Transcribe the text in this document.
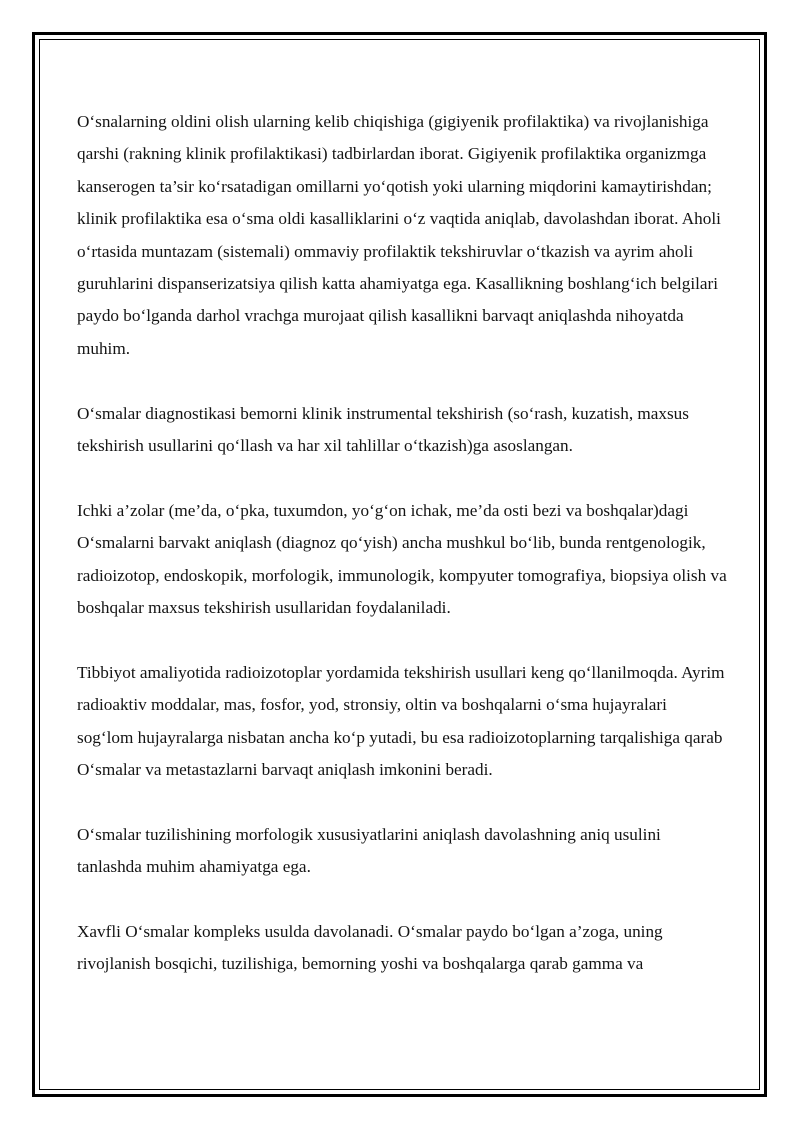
O‘snalarning oldini olish ularning kelib chiqishiga (gigiyenik profilaktika) va rivojlanishiga qarshi (rakning klinik profilaktikasi) tadbirlardan iborat. Gigiyenik profilaktika organizmga kanserogen ta’sir ko‘rsatadigan omillarni yo‘qotish yoki ularning miqdorini kamaytirishdan; klinik profilaktika esa o‘sma oldi kasalliklarini o‘z vaqtida aniqlab, davolashdan iborat. Aholi o‘rtasida muntazam (sistemali) ommaviy profilaktik tekshiruvlar o‘tkazish va ayrim aholi guruhlarini dispanserizatsiya qilish katta ahamiyatga ega. Kasallikning boshlang‘ich belgilari paydo bo‘lganda darhol vrachga murojaat qilish kasallikni barvaqt aniqlashda nihoyatda muhim.

O‘smalar diagnostikasi bemorni klinik instrumental tekshirish (so‘rash, kuzatish, maxsus tekshirish usullarini qo‘llash va har xil tahlillar o‘tkazish)ga asoslangan.

Ichki a’zolar (me’da, o‘pka, tuxumdon, yo‘g‘on ichak, me’da osti bezi va boshqalar)dagi O‘smalarni barvakt aniqlash (diagnoz qo‘yish) ancha mushkul bo‘lib, bunda rentgenologik, radioizotop, endoskopik, morfologik, immunologik, kompyuter tomografiya, biopsiya olish va boshqalar maxsus tekshirish usullaridan foydalaniladi.

Tibbiyot amaliyotida radioizotoplar yordamida tekshirish usullari keng qo‘llanilmoqda. Ayrim radioaktiv moddalar, mas, fosfor, yod, stronsiy, oltin va boshqalarni o‘sma hujayralari sog‘lom hujayralarga nisbatan ancha ko‘p yutadi, bu esa radioizotoplarning tarqalishiga qarab O‘smalar va metastazlarni barvaqt aniqlash imkonini beradi.

O‘smalar tuzilishining morfologik xususiyatlarini aniqlash davolashning aniq usulini tanlashda muhim ahamiyatga ega.

Xavfli O‘smalar kompleks usulda davolanadi. O‘smalar paydo bo‘lgan a’zoga, uning rivojlanish bosqichi, tuzilishiga, bemorning yoshi va boshqalarga qarab gamma va
